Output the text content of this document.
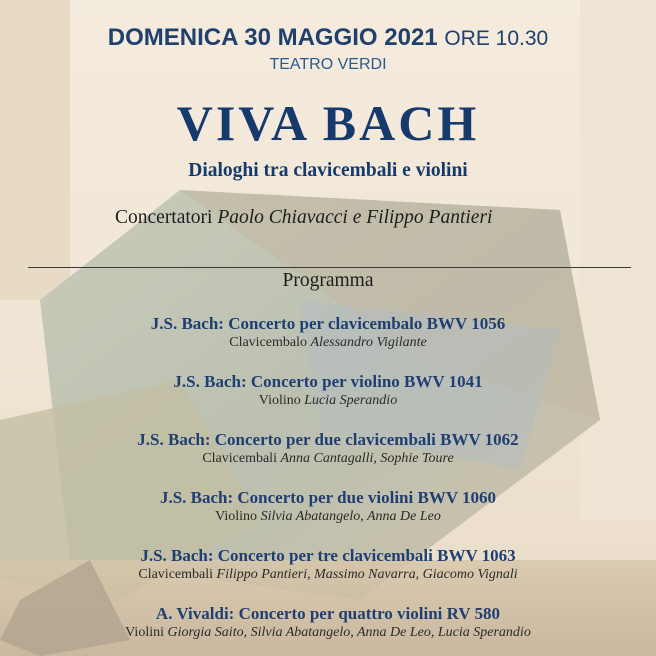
DOMENICA 30 MAGGIO 2021 ORE 10.30
TEATRO VERDI
VIVA BACH
Dialoghi tra clavicembali e violini
Concertatori Paolo Chiavacci e Filippo Pantieri
Programma
J.S. Bach: Concerto per clavicembalo BWV 1056
Clavicembalo Alessandro Vigilante
J.S. Bach: Concerto per violino BWV 1041
Violino Lucia Sperandio
J.S. Bach: Concerto per due clavicembali BWV 1062
Clavicembali Anna Cantagalli, Sophie Toure
J.S. Bach: Concerto per due violini BWV 1060
Violino Silvia Abatangelo, Anna De Leo
J.S. Bach: Concerto per tre clavicembali BWV 1063
Clavicembali Filippo Pantieri, Massimo Navarra, Giacomo Vignali
A. Vivaldi: Concerto per quattro violini RV 580
Violini Giorgia Saito, Silvia Abatangelo, Anna De Leo, Lucia Sperandio
